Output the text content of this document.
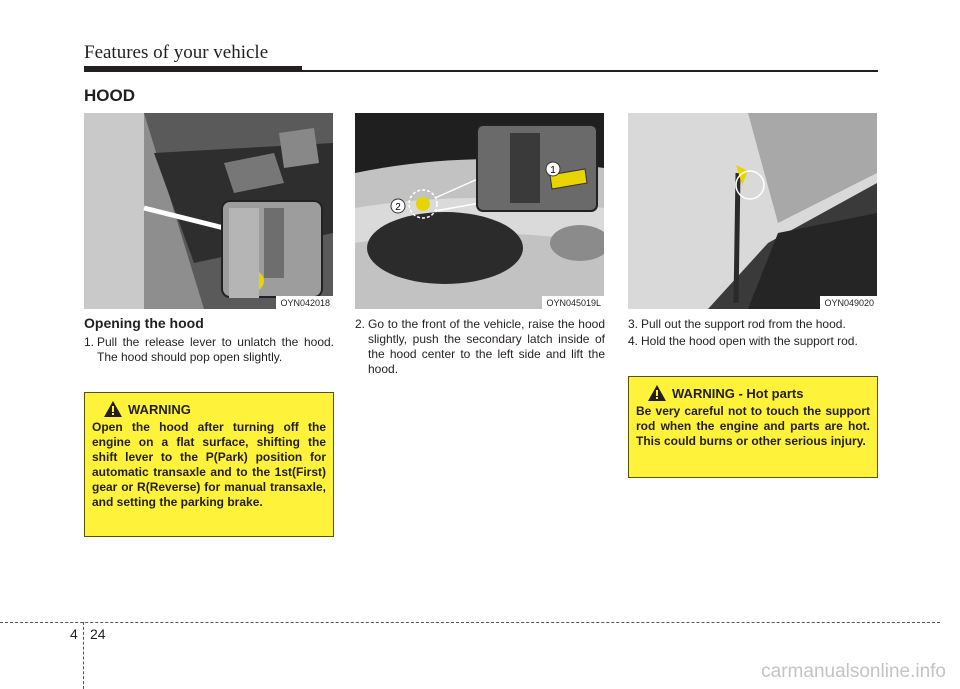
Features of your vehicle
HOOD
OYN042018
1
2
OYN045019L	OYN049020
Opening the hood
1. Pull the release lever to unlatch the hood. The hood should pop open slightly.
2. Go to the front of the vehicle, raise the hood slightly, push the secondary latch inside of the hood center to the left side and lift the hood.
3. Pull out the support rod from the hood.
4. Hold the hood open with the support rod.
WARNING
Open the hood after turning off the engine on a flat surface, shifting the shift lever to the P(Park) position for automatic transaxle and to the 1st(First) gear or R(Reverse) for manual transaxle, and setting the parking brake.
WARNING - Hot parts
Be very careful not to touch the support rod when the engine and parts are hot. This could burns or other serious injury.
4 24
carmanualsonline.info
